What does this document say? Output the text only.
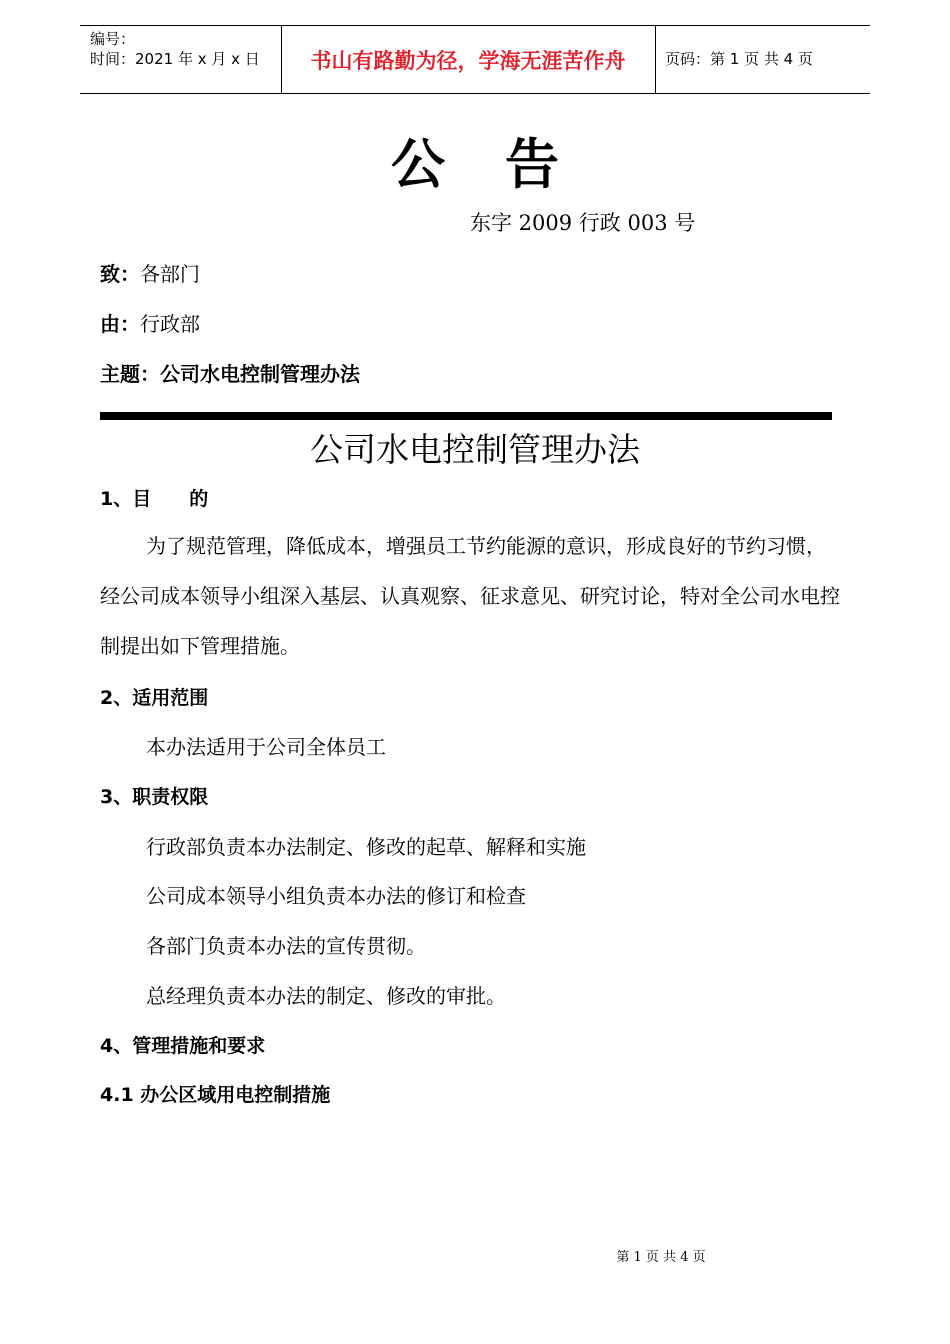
编号：
时间：2021 年 x 月 x 日	书山有路勤为径，学海无涯苦作舟	页码：第 1 页 共 4 页
公告
东字 2009 行政 003 号
致：各部门
由：行政部
主题：公司水电控制管理办法
公司水电控制管理办法
1、目　　的
为了规范管理，降低成本，增强员工节约能源的意识，形成良好的节约习惯，经公司成本领导小组深入基层、认真观察、征求意见、研究讨论，特对全公司水电控制提出如下管理措施。
2、适用范围
本办法适用于公司全体员工
3、职责权限
行政部负责本办法制定、修改的起草、解释和实施
公司成本领导小组负责本办法的修订和检查
各部门负责本办法的宣传贯彻。
总经理负责本办法的制定、修改的审批。
4、管理措施和要求
4.1 办公区域用电控制措施
第 1 页 共 4 页
